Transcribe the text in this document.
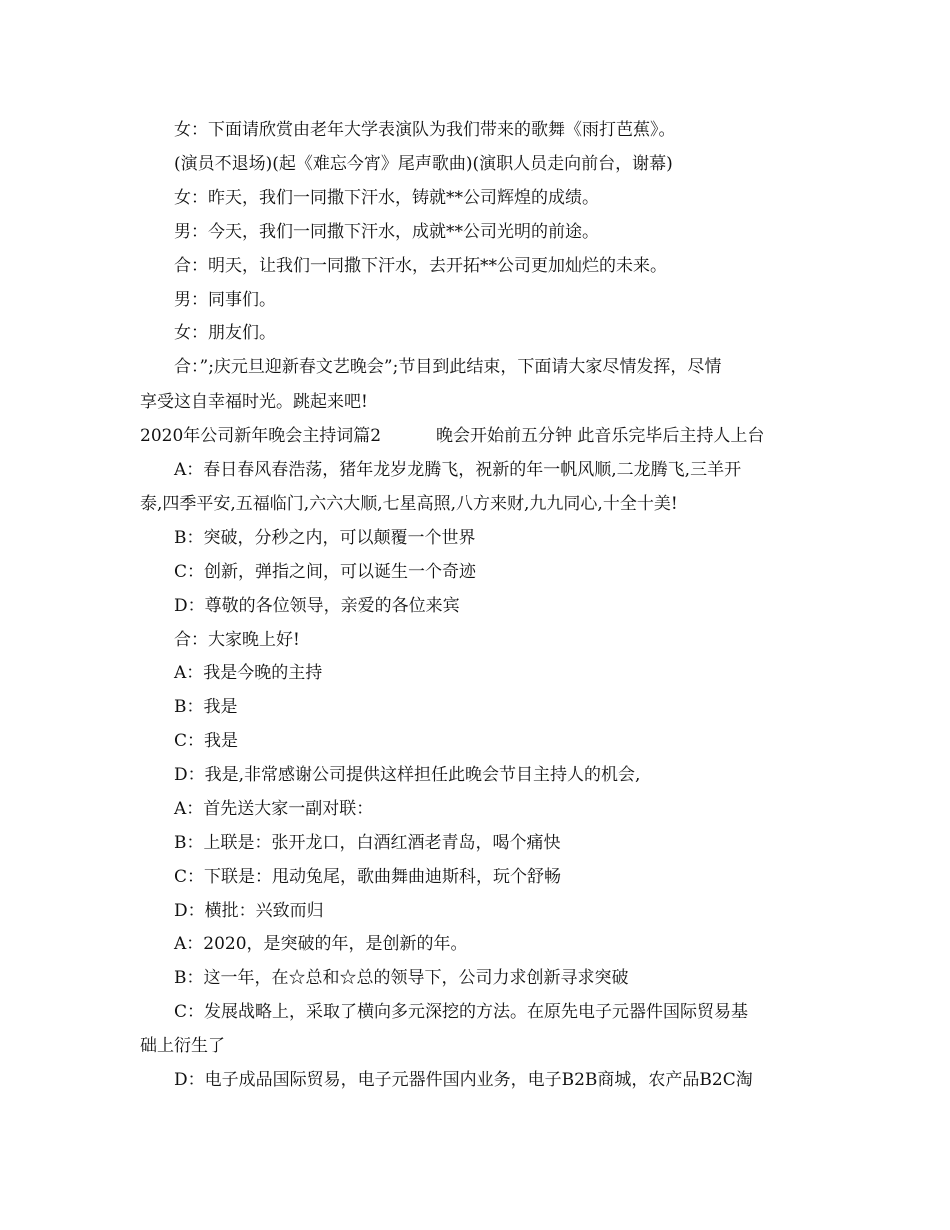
女：下面请欣赏由老年大学表演队为我们带来的歌舞《雨打芭蕉》。
(演员不退场)(起《难忘今宵》尾声歌曲)(演职人员走向前台，谢幕)
女：昨天，我们一同撒下汗水，铸就**公司辉煌的成绩。
男：今天，我们一同撒下汗水，成就**公司光明的前途。
合：明天，让我们一同撒下汗水，去开拓**公司更加灿烂的未来。
男：同事们。
女：朋友们。
合：”;庆元旦迎新春文艺晚会”;节目到此结束，下面请大家尽情发挥，尽情
享受这自幸福时光。跳起来吧!
2020年公司新年晚会主持词篇2	晚会开始前五分钟 此音乐完毕后主持人上台
A：春日春风春浩荡，猪年龙岁龙腾飞，祝新的年一帆风顺,二龙腾飞,三羊开
泰,四季平安,五福临门,六六大顺,七星高照,八方来财,九九同心,十全十美!
B：突破，分秒之内，可以颠覆一个世界
C：创新，弹指之间，可以诞生一个奇迹
D：尊敬的各位领导，亲爱的各位来宾
合：大家晚上好!
A：我是今晚的主持
B：我是
C：我是
D：我是,非常感谢公司提供这样担任此晚会节目主持人的机会,
A：首先送大家一副对联：
B：上联是：张开龙口，白酒红酒老青岛，喝个痛快
C：下联是：甩动兔尾，歌曲舞曲迪斯科，玩个舒畅
D：横批：兴致而归
A：2020，是突破的年，是创新的年。
B：这一年，在☆总和☆总的领导下，公司力求创新寻求突破
C：发展战略上，采取了横向多元深挖的方法。在原先电子元器件国际贸易基
础上衍生了
D：电子成品国际贸易，电子元器件国内业务，电子B2B商城，农产品B2C淘
